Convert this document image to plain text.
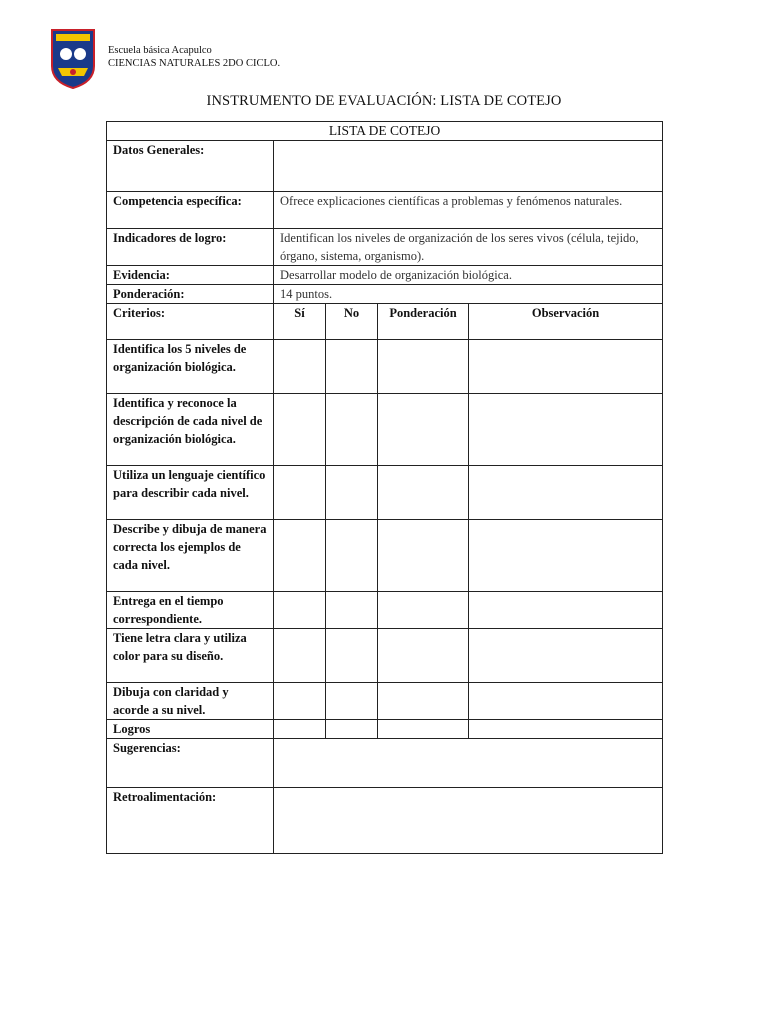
Escuela básica Acapulco
CIENCIAS NATURALES 2DO CICLO.
INSTRUMENTO DE EVALUACIÓN: LISTA DE COTEJO
LISTA DE COTEJO				
Datos Generales:				
Competencia específica:	Ofrece explicaciones científicas a problemas y fenómenos naturales.			
Indicadores de logro:	Identifican los niveles de organización de los seres vivos (célula, tejido, órgano, sistema, organismo).			
Evidencia:	Desarrollar modelo de organización biológica.			
Ponderación:	14 puntos.			
Criterios:	Sí	No	Ponderación	Observación
Identifica los 5 niveles de organización biológica.				
Identifica y reconoce la descripción de cada nivel de organización biológica.				
Utiliza un lenguaje científico para describir cada nivel.				
Describe y dibuja de manera correcta los ejemplos de cada nivel.				
Entrega en el tiempo correspondiente.				
Tiene letra clara y utiliza color para su diseño.				
Dibuja con claridad y acorde a su nivel.				
Logros				
Sugerencias:				
Retroalimentación:				
